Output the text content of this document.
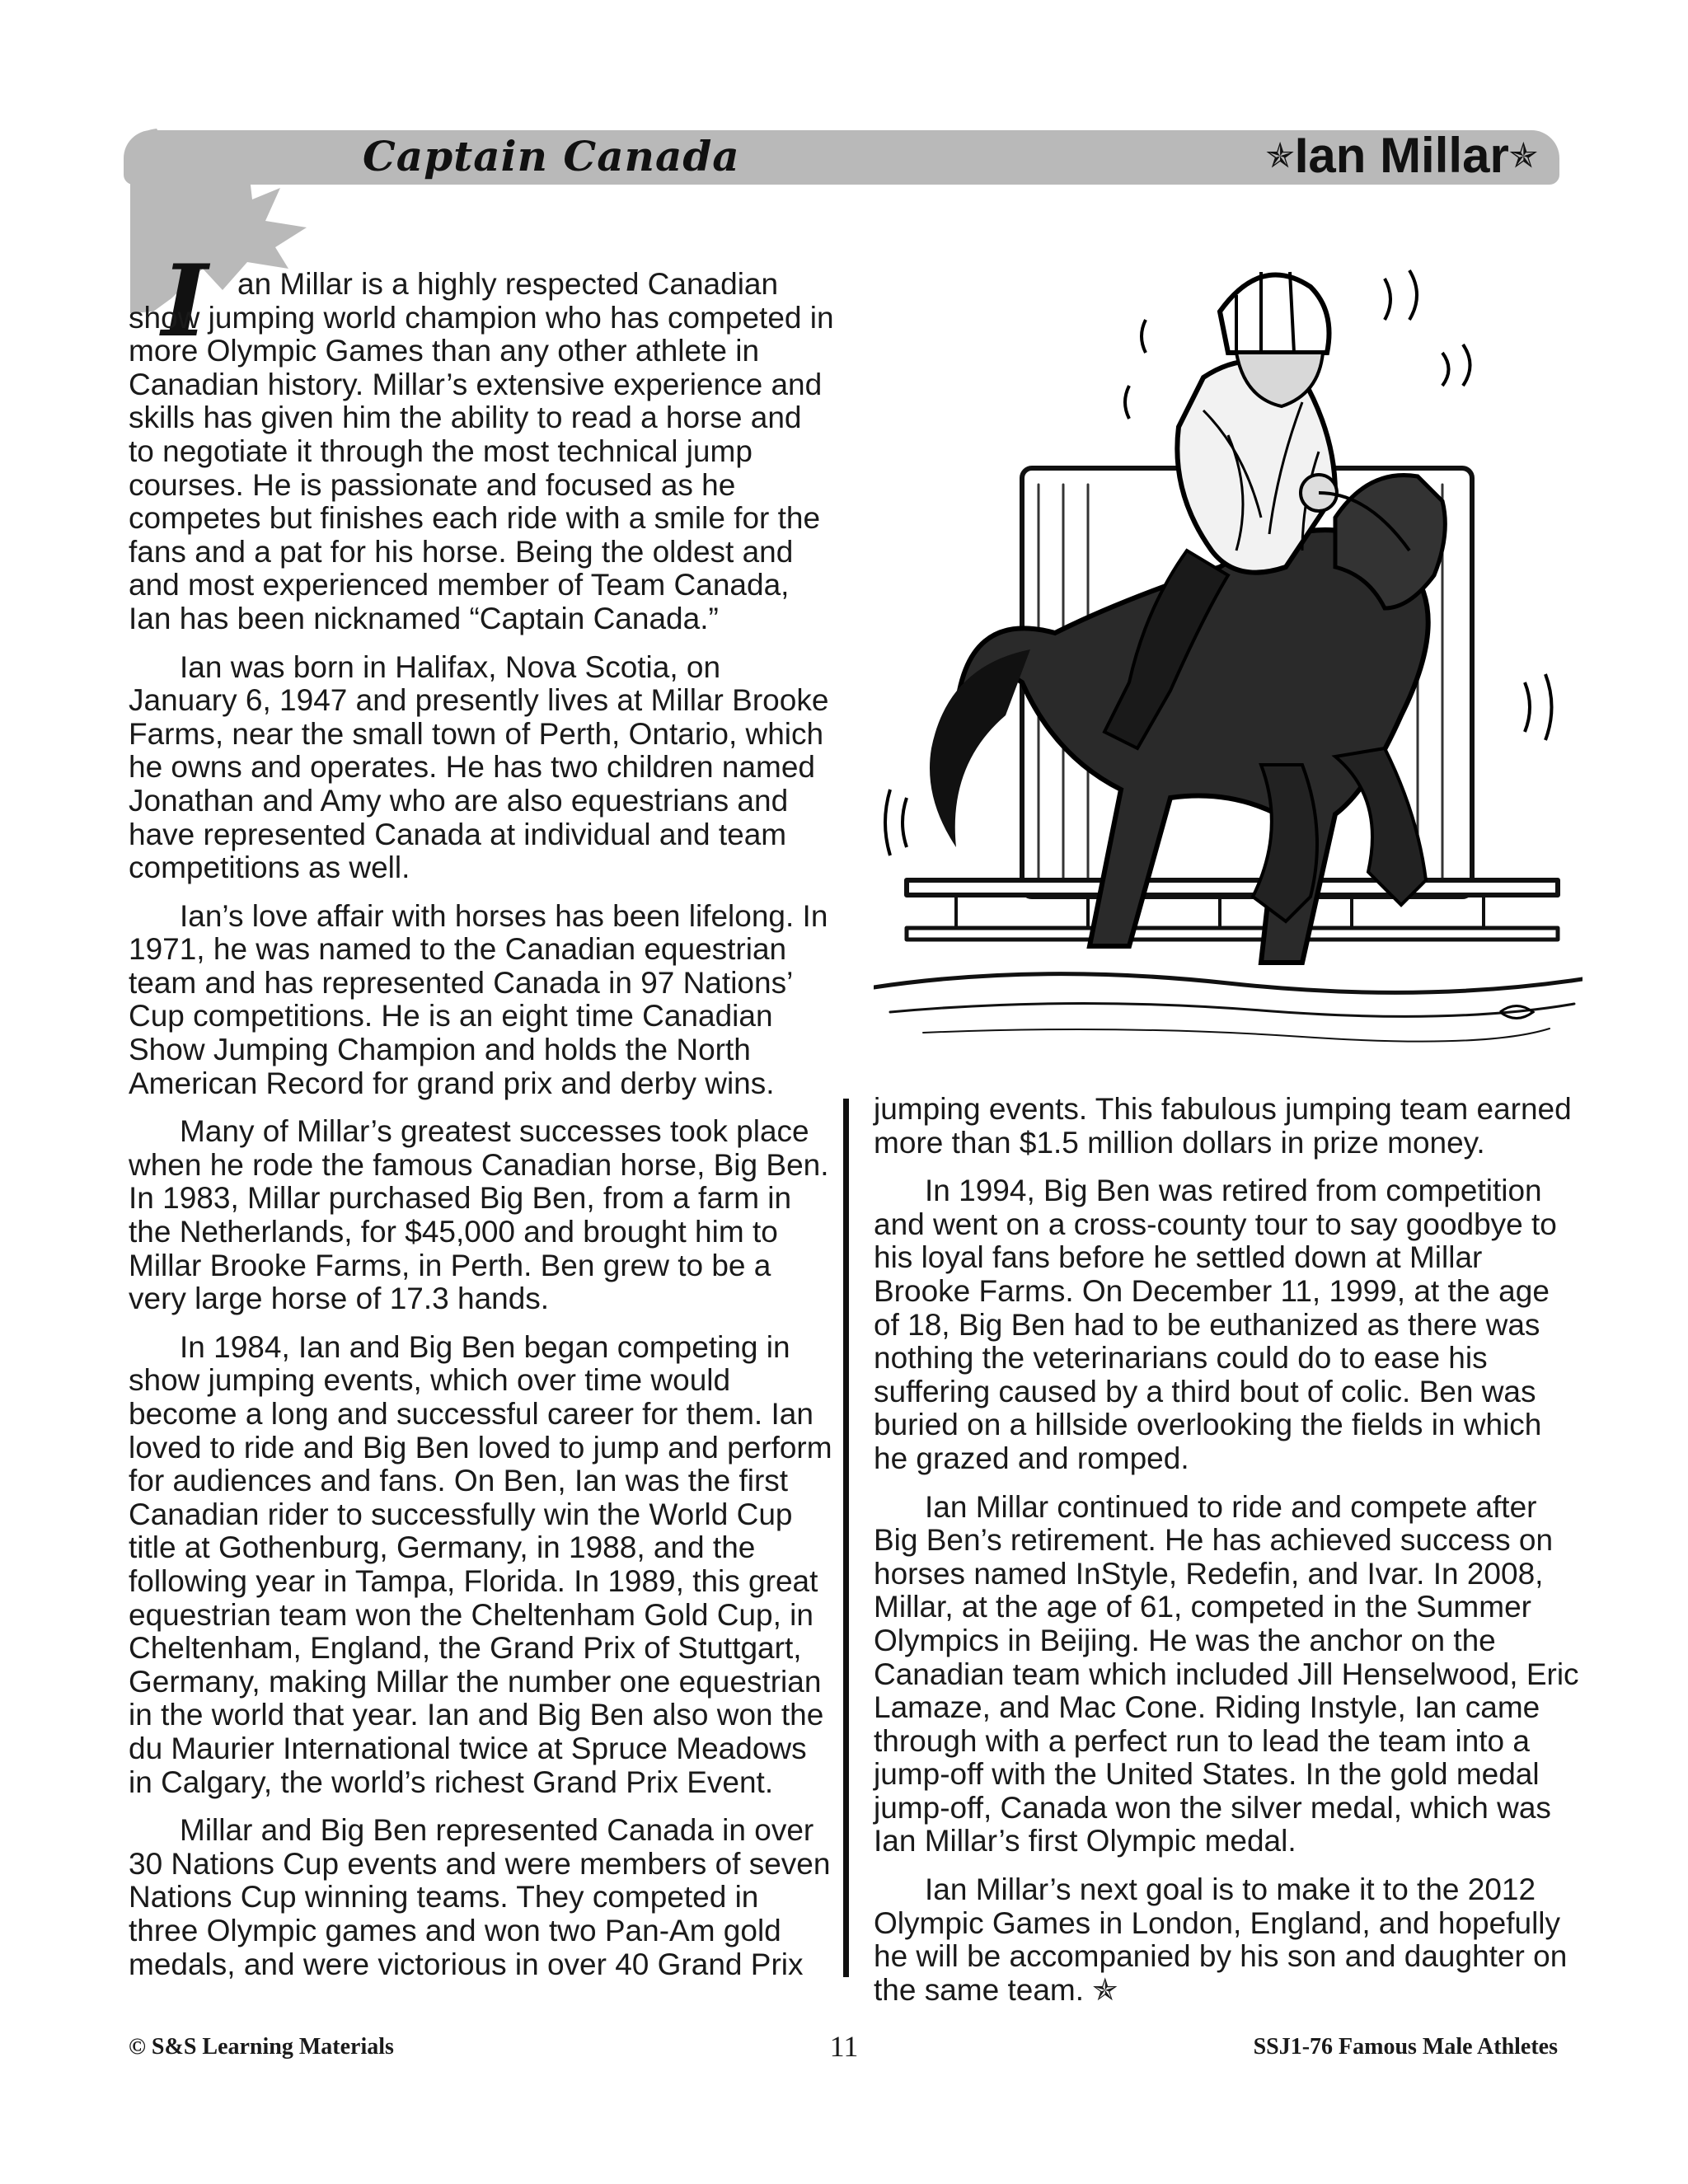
Captain Canada	✯Ian Millar✯
I an Millar is a highly respected Canadian
show jumping world champion who has competed in more Olympic Games than any other athlete in Canadian history. Millar’s extensive experience and skills has given him the ability to read a horse and to negotiate it through the most technical jump courses. He is passionate and focused as he competes but finishes each ride with a smile for the fans and a pat for his horse. Being the oldest and and most experienced member of Team Canada, Ian has been nicknamed “Captain Canada.”

Ian was born in Halifax, Nova Scotia, on January 6, 1947 and presently lives at Millar Brooke Farms, near the small town of Perth, Ontario, which he owns and operates. He has two children named Jonathan and Amy who are also equestrians and have represented Canada at individual and team competitions as well.

Ian’s love affair with horses has been lifelong. In 1971, he was named to the Canadian equestrian team and has represented Canada in 97 Nations’ Cup competitions. He is an eight time Canadian Show Jumping Champion and holds the North American Record for grand prix and derby wins.

Many of Millar’s greatest successes took place when he rode the famous Canadian horse, Big Ben. In 1983, Millar purchased Big Ben, from a farm in the Netherlands, for $45,000 and brought him to Millar Brooke Farms, in Perth. Ben grew to be a very large horse of 17.3 hands.

In 1984, Ian and Big Ben began competing in show jumping events, which over time would become a long and successful career for them. Ian loved to ride and Big Ben loved to jump and perform for audiences and fans. On Ben, Ian was the first Canadian rider to successfully win the World Cup title at Gothenburg, Germany, in 1988, and the following year in Tampa, Florida. In 1989, this great equestrian team won the Cheltenham Gold Cup, in Cheltenham, England, the Grand Prix of Stuttgart, Germany, making Millar the number one equestrian in the world that year. Ian and Big Ben also won the du Maurier International twice at Spruce Meadows in Calgary, the world’s richest Grand Prix Event.

Millar and Big Ben represented Canada in over 30 Nations Cup events and were members of seven Nations Cup winning teams. They competed in three Olympic games and won two Pan-Am gold medals, and were victorious in over 40 Grand Prix

jumping events. This fabulous jumping team earned more than $1.5 million dollars in prize money.

In 1994, Big Ben was retired from competition and went on a cross-county tour to say goodbye to his loyal fans before he settled down at Millar Brooke Farms. On December 11, 1999, at the age of 18, Big Ben had to be euthanized as there was nothing the veterinarians could do to ease his suffering caused by a third bout of colic. Ben was buried on a hillside overlooking the fields in which he grazed and romped.

Ian Millar continued to ride and compete after Big Ben’s retirement. He has achieved success on horses named InStyle, Redefin, and Ivar. In 2008, Millar, at the age of 61, competed in the Summer Olympics in Beijing. He was the anchor on the Canadian team which included Jill Henselwood, Eric Lamaze, and Mac Cone. Riding Instyle, Ian came through with a perfect run to lead the team into a jump-off with the United States. In the gold medal jump-off, Canada won the silver medal, which was Ian Millar’s first Olympic medal.

Ian Millar’s next goal is to make it to the 2012 Olympic Games in London, England, and hopefully he will be accompanied by his son and daughter on the same team. ✯

© S&S Learning Materials	11	SSJ1-76 Famous Male Athletes
